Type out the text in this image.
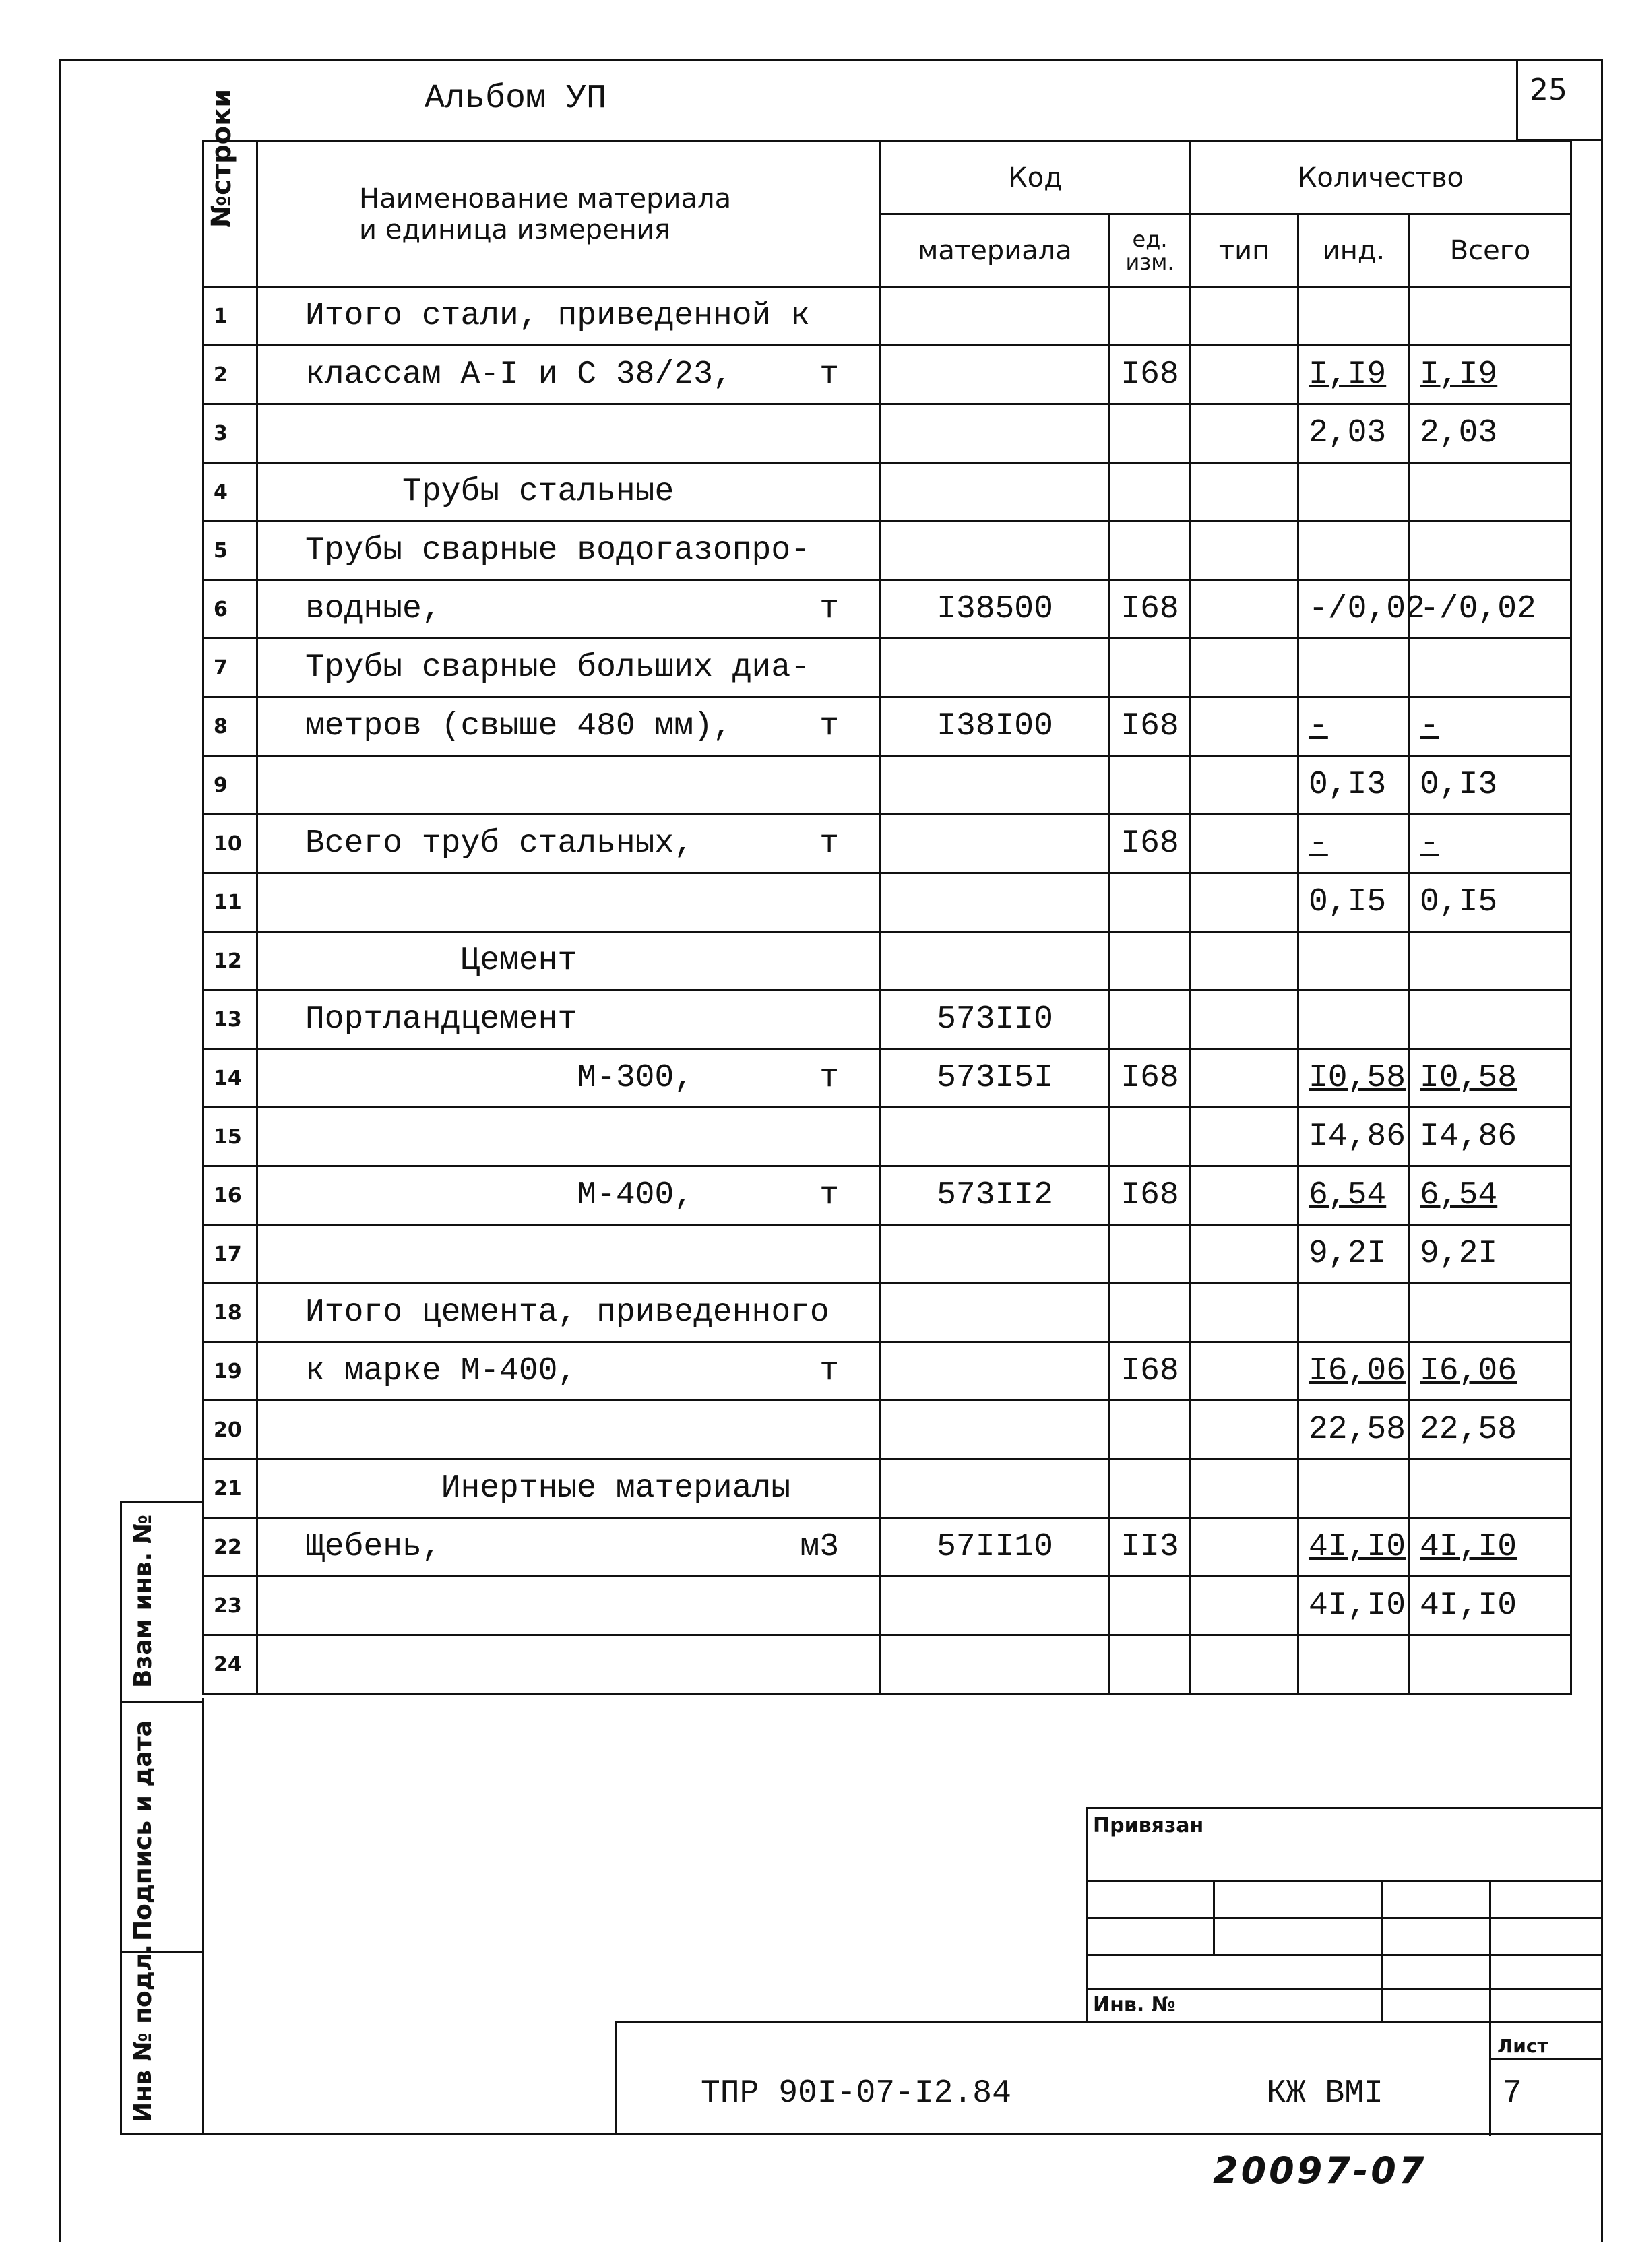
Альбом УП	25
№строки	Наименование материала
и единица измерения	Код		Количество		
		материала	ед. изм.	тип	инд.	Всего
1	Итого стали, приведенной к

2	классам А-I и С 38/23, т		I68		I,I9	I,I9
3					2,03	2,03
4	Трубы стальные

5	Трубы сварные водогазопро-

6	водные, т	I38500	I68		-/0,02	-/0,02
7	Трубы сварные больших диа-

8	метров (свыше 480 мм), т	I38I00	I68		-	-
9					0,I3	0,I3
10	Всего труб стальных, т		I68		-	-
11					0,I5	0,I5
12	Цемент

13	Портландцемент	573II0				
14	М-300, т	573I5I	I68		I0,58	I0,58
15					I4,86	I4,86
16	М-400, т	573II2	I68		6,54	6,54
17					9,2I	9,2I
18	Итого цемента, приведенного

19	к марке М-400, т		I68		I6,06	I6,06
20					22,58	22,58
21	Инертные материалы

22	Щебень, м3	57II10	II3		4I,I0	4I,I0
23					4I,I0	4I,I0
24	

Взам инв. №
Подпись и дата
Инв № подл.
Привязан
Инв. №
Лист
7
ТПР 90I-07-I2.84	КЖ ВМI
20097-07
